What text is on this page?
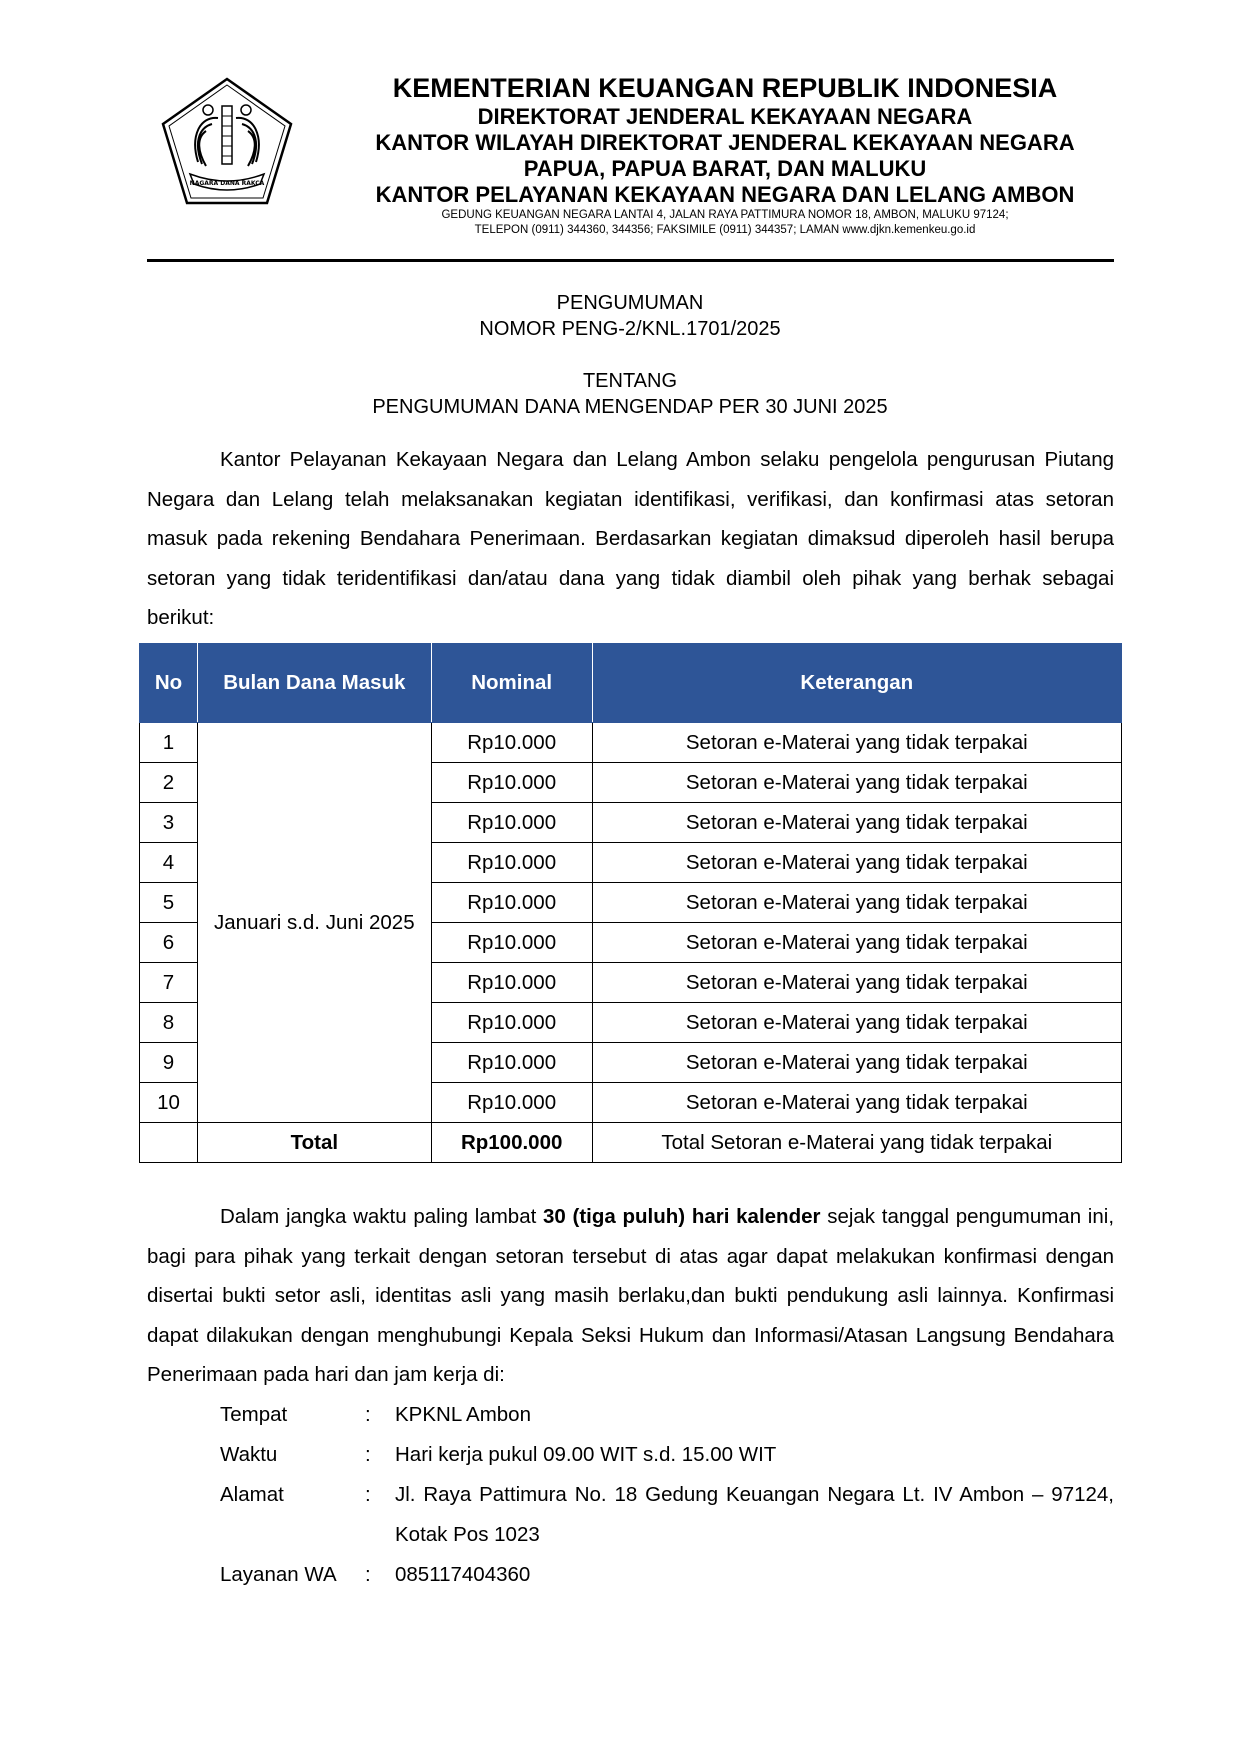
NAGARA DANA RAKCA
KEMENTERIAN KEUANGAN REPUBLIK INDONESIA
DIREKTORAT JENDERAL KEKAYAAN NEGARA
KANTOR WILAYAH DIREKTORAT JENDERAL KEKAYAAN NEGARA
PAPUA, PAPUA BARAT, DAN MALUKU
KANTOR PELAYANAN KEKAYAAN NEGARA DAN LELANG AMBON
GEDUNG KEUANGAN NEGARA LANTAI 4, JALAN RAYA PATTIMURA NOMOR 18, AMBON, MALUKU 97124;
TELEPON (0911) 344360, 344356; FAKSIMILE (0911) 344357; LAMAN www.djkn.kemenkeu.go.id
PENGUMUMAN
NOMOR PENG-2/KNL.1701/2025
TENTANG
PENGUMUMAN DANA MENGENDAP PER 30 JUNI 2025
Kantor Pelayanan Kekayaan Negara dan Lelang Ambon selaku pengelola pengurusan Piutang Negara dan Lelang telah melaksanakan kegiatan identifikasi, verifikasi, dan konfirmasi atas setoran masuk pada rekening Bendahara Penerimaan. Berdasarkan kegiatan dimaksud diperoleh hasil berupa setoran yang tidak teridentifikasi dan/atau dana yang tidak diambil oleh pihak yang berhak sebagai berikut:
No	Bulan Dana Masuk	Nominal	Keterangan
1	Januari s.d. Juni 2025	Rp10.000	Setoran e-Materai yang tidak terpakai
2		Rp10.000	Setoran e-Materai yang tidak terpakai
3		Rp10.000	Setoran e-Materai yang tidak terpakai
4		Rp10.000	Setoran e-Materai yang tidak terpakai
5		Rp10.000	Setoran e-Materai yang tidak terpakai
6		Rp10.000	Setoran e-Materai yang tidak terpakai
7		Rp10.000	Setoran e-Materai yang tidak terpakai
8		Rp10.000	Setoran e-Materai yang tidak terpakai
9		Rp10.000	Setoran e-Materai yang tidak terpakai
10		Rp10.000	Setoran e-Materai yang tidak terpakai
	Total	Rp100.000	Total Setoran e-Materai yang tidak terpakai
Dalam jangka waktu paling lambat 30 (tiga puluh) hari kalender sejak tanggal pengumuman ini, bagi para pihak yang terkait dengan setoran tersebut di atas agar dapat melakukan konfirmasi dengan disertai bukti setor asli, identitas asli yang masih berlaku,dan bukti pendukung asli lainnya. Konfirmasi dapat dilakukan dengan menghubungi Kepala Seksi Hukum dan Informasi/Atasan Langsung Bendahara Penerimaan pada hari dan jam kerja di:
Tempat	: KPKNL Ambon
Waktu	: Hari kerja pukul 09.00 WIT s.d. 15.00 WIT
Alamat	: Jl. Raya Pattimura No. 18 Gedung Keuangan Negara Lt. IV Ambon – 97124, Kotak Pos 1023
Layanan WA : 085117404360
